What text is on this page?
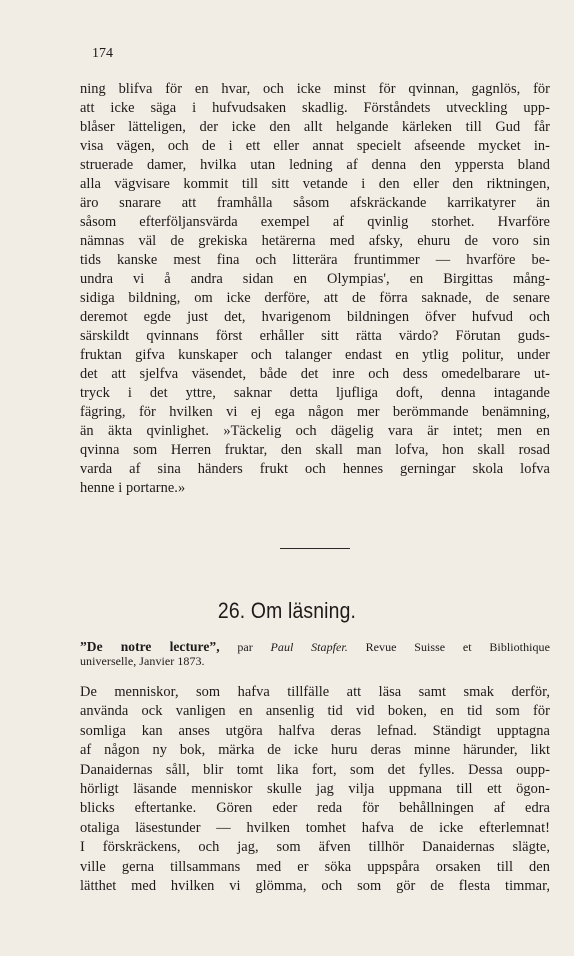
174
ning blifva för en hvar, och icke minst för qvinnan, gagnlös, för
att icke säga i hufvudsaken skadlig. Förståndets utveckling upp-
blåser lätteligen, der icke den allt helgande kärleken till Gud får
visa vägen, och de i ett eller annat specielt afseende mycket in-
struerade damer, hvilka utan ledning af denna den yppersta bland
alla vägvisare kommit till sitt vetande i den eller den riktningen,
äro snarare att framhålla såsom afskräckande karrikatyrer än
såsom efterföljansvärda exempel af qvinlig storhet. Hvarföre
nämnas väl de grekiska hetärerna med afsky, ehuru de voro sin
tids kanske mest fina och litterära fruntimmer — hvarföre be-
undra vi å andra sidan en Olympias', en Birgittas mång-
sidiga bildning, om icke derföre, att de förra saknade, de senare
deremot egde just det, hvarigenom bildningen öfver hufvud och
särskildt qvinnans först erhåller sitt rätta värdo? Förutan guds-
fruktan gifva kunskaper och talanger endast en ytlig politur, under
det att sjelfva väsendet, både det inre och dess omedelbarare ut-
tryck i det yttre, saknar detta ljufliga doft, denna intagande
fägring, för hvilken vi ej ega någon mer berömmande benämning,
än äkta qvinlighet. »Täckelig och dägelig vara är intet; men en
qvinna som Herren fruktar, den skall man lofva, hon skall rosad
varda af sina händers frukt och hennes gerningar skola lofva
henne i portarne.»
26. Om läsning.
”De notre lecture”, par Paul Stapfer. Revue Suisse et Bibliothique
universelle, Janvier 1873.
De menniskor, som hafva tillfälle att läsa samt smak derför,
använda ock vanligen en ansenlig tid vid boken, en tid som för
somliga kan anses utgöra halfva deras lefnad. Ständigt upptagna
af någon ny bok, märka de icke huru deras minne härunder, likt
Danaidernas såll, blir tomt lika fort, som det fylles. Dessa oupp-
hörligt läsande menniskor skulle jag vilja uppmana till ett ögon-
blicks eftertanke. Gören eder reda för behållningen af edra
otaliga läsestunder — hvilken tomhet hafva de icke efterlemnat!
I förskräckens, och jag, som äfven tillhör Danaidernas slägte,
ville gerna tillsammans med er söka uppspåra orsaken till den
lätthet med hvilken vi glömma, och som gör de flesta timmar,
